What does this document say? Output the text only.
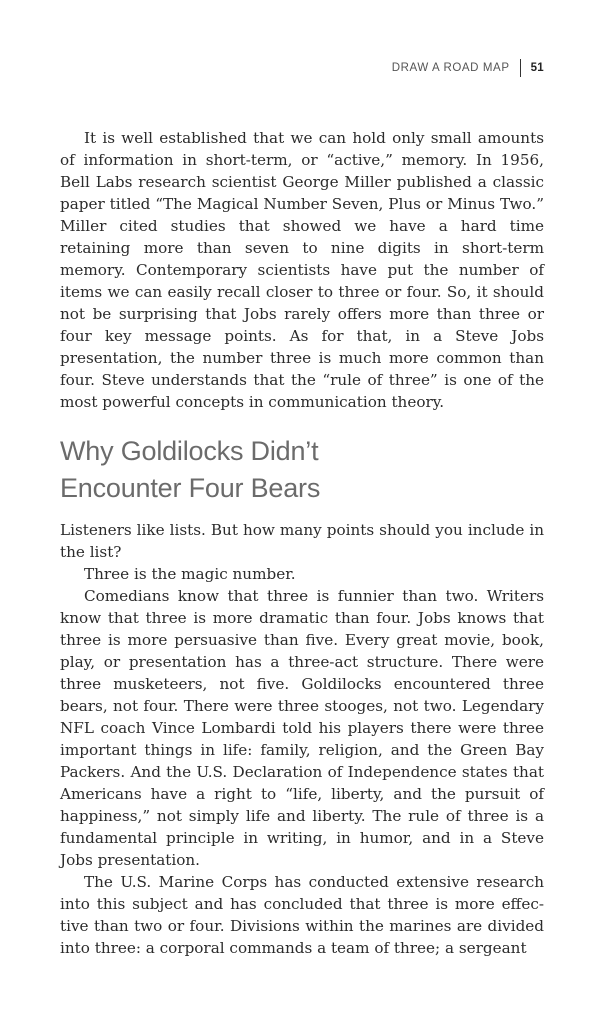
DRAW A ROAD MAP 51

It is well established that we can hold only small amounts of information in short-term, or “active,” memory. In 1956, Bell Labs research scientist George Miller published a classic paper titled “The Magical Number Seven, Plus or Minus Two.” Miller cited studies that showed we have a hard time retaining more than seven to nine digits in short-term memory. Contemporary scientists have put the number of items we can easily recall closer to three or four. So, it should not be surprising that Jobs rarely offers more than three or four key message points. As for that, in a Steve Jobs presentation, the number three is much more common than four. Steve understands that the “rule of three” is one of the most powerful concepts in communication theory.

Why Goldilocks Didn’t
Encounter Four Bears

Listeners like lists. But how many points should you include in the list?

Three is the magic number.

Comedians know that three is funnier than two. Writers know that three is more dramatic than four. Jobs knows that three is more persuasive than five. Every great movie, book, play, or presentation has a three-act structure. There were three musketeers, not five. Goldilocks encountered three bears, not four. There were three stooges, not two. Legendary NFL coach Vince Lombardi told his players there were three important things in life: family, religion, and the Green Bay Packers. And the U.S. Declaration of Independence states that Americans have a right to “life, liberty, and the pursuit of happiness,” not simply life and liberty. The rule of three is a fundamental principle in writing, in humor, and in a Steve Jobs presentation.

The U.S. Marine Corps has conducted extensive research into this subject and has concluded that three is more effective than two or four. Divisions within the marines are divided into three: a corporal commands a team of three; a sergeant
